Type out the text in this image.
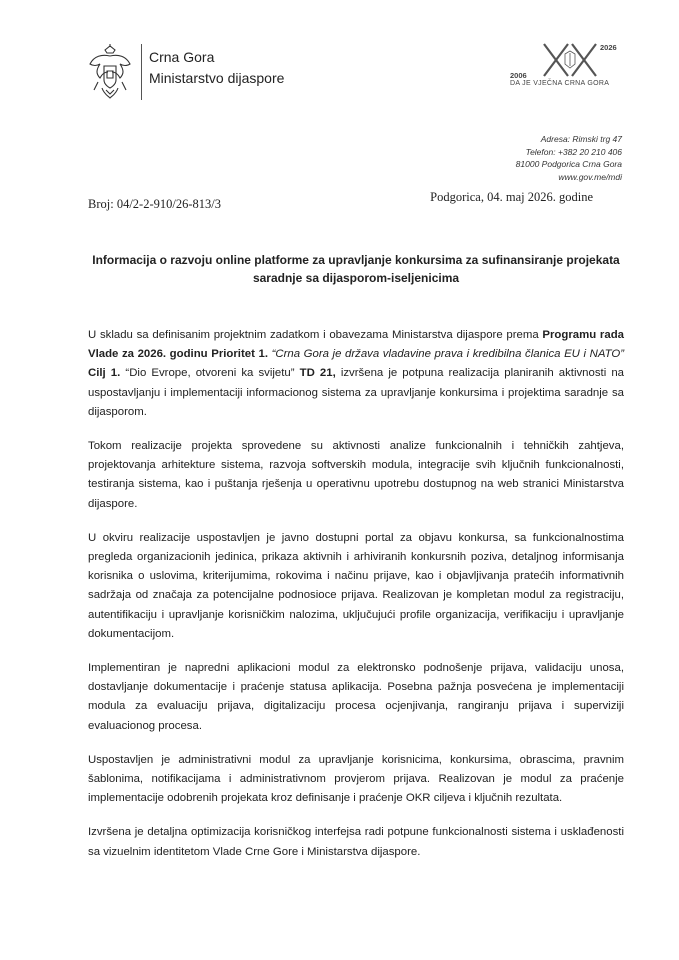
Crna Gora
Ministarstvo dijaspore
2026
2006
DA JE VJEČNA CRNA GORA
Adresa: Rimski trg 47
Telefon: +382 20 210 406
81000 Podgorica Crna Gora
www.gov.me/mdi
Broj: 04/2-2-910/26-813/3	Podgorica, 04. maj 2026. godine
Informacija o razvoju online platforme za upravljanje konkursima za sufinansiranje projekata
saradnje sa dijasporom-iseljenicima

U skladu sa definisanim projektnim zadatkom i obavezama Ministarstva dijaspore prema Programu rada Vlade za 2026. godinu Prioritet 1. “Crna Gora je država vladavine prava i kredibilna članica EU i NATO” Cilj 1. “Dio Evrope, otvoreni ka svijetu” TD 21, izvršena je potpuna realizacija planiranih aktivnosti na uspostavljanju i implementaciji informacionog sistema za upravljanje konkursima i projektima saradnje sa dijasporom.

Tokom realizacije projekta sprovedene su aktivnosti analize funkcionalnih i tehničkih zahtjeva, projektovanja arhitekture sistema, razvoja softverskih modula, integracije svih ključnih funkcionalnosti, testiranja sistema, kao i puštanja rješenja u operativnu upotrebu dostupnog na web stranici Ministarstva dijaspore.

U okviru realizacije uspostavljen je javno dostupni portal za objavu konkursa, sa funkcionalnostima pregleda organizacionih jedinica, prikaza aktivnih i arhiviranih konkursnih poziva, detaljnog informisanja korisnika o uslovima, kriterijumima, rokovima i načinu prijave, kao i objavljivanja pratećih informativnih sadržaja od značaja za potencijalne podnosioce prijava. Realizovan je kompletan modul za registraciju, autentifikaciju i upravljanje korisničkim nalozima, uključujući profile organizacija, verifikaciju i upravljanje dokumentacijom.

Implementiran je napredni aplikacioni modul za elektronsko podnošenje prijava, validaciju unosa, dostavljanje dokumentacije i praćenje statusa aplikacija. Posebna pažnja posvećena je implementaciji modula za evaluaciju prijava, digitalizaciju procesa ocjenjivanja, rangiranju prijava i superviziji evaluacionog procesa.

Uspostavljen je administrativni modul za upravljanje korisnicima, konkursima, obrascima, pravnim šablonima, notifikacijama i administrativnom provjerom prijava. Realizovan je modul za praćenje implementacije odobrenih projekata kroz definisanje i praćenje OKR ciljeva i ključnih rezultata.

Izvršena je detaljna optimizacija korisničkog interfejsa radi potpune funkcionalnosti sistema i usklađenosti sa vizuelnim identitetom Vlade Crne Gore i Ministarstva dijaspore.
